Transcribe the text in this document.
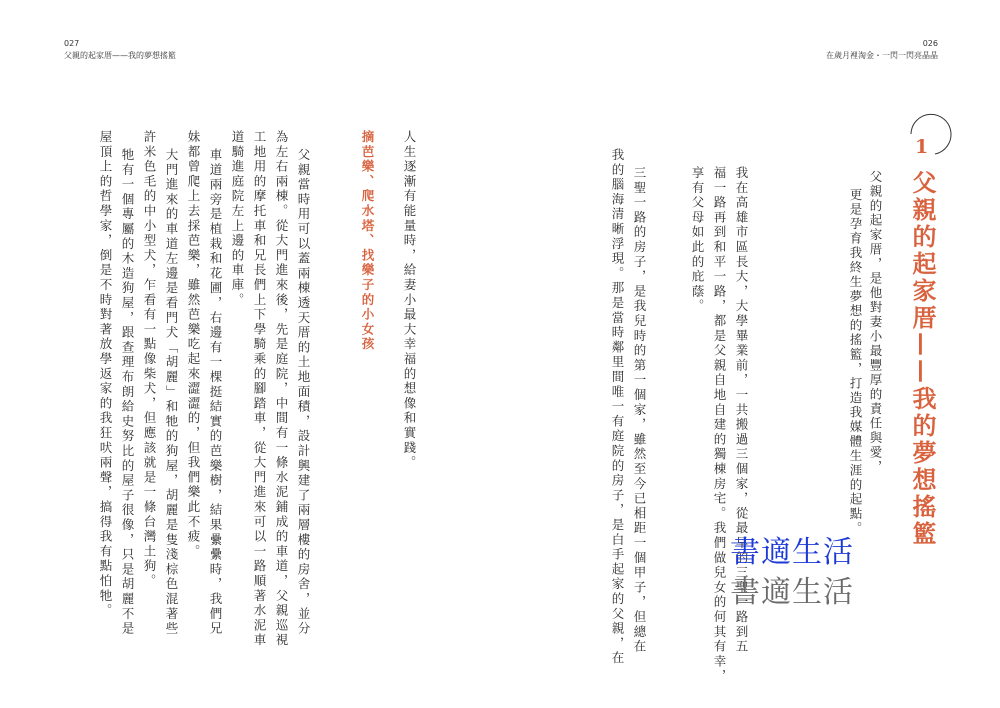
027
父親的起家厝——我的夢想搖籃
026
在歲月裡淘金・一閃一閃亮晶晶
1
父親的起家厝——我的夢想搖籃
父親的起家厝，是他對妻小最豐厚的責任與愛，
更是孕育我終生夢想的搖籃，打造我媒體生涯的起點。

我在高雄市區長大，大學畢業前，一共搬過三個家，從最早的三聖一路到五

福一路再到和平一路，都是父親自地自建的獨棟房宅。我們做兒女的何其有幸，

享有父母如此的庇蔭。

三聖一路的房子，是我兒時的第一個家，雖然至今已相距一個甲子，但總在

我的腦海清晰浮現。那是當時鄰里間唯一有庭院的房子，是白手起家的父親，在

人生逐漸有能量時，給妻小最大幸福的想像和實踐。

摘芭樂、爬水塔、找樂子的小女孩

父親當時用可以蓋兩棟透天厝的土地面積，設計興建了兩層樓的房舍，並分

為左右兩棟。從大門進來後，先是庭院，中間有一條水泥鋪成的車道，父親巡視

工地用的摩托車和兄長們上下學騎乘的腳踏車，從大門進來可以一路順著水泥車

道騎進庭院左上邊的車庫。

車道兩旁是植栽和花圃，右邊有一棵挺結實的芭樂樹，結果纍纍時，我們兄

妹都曾爬上去採芭樂，雖然芭樂吃起來澀澀的，但我們樂此不疲。

大門進來的車道左邊是看門犬「胡麗」和牠的狗屋，胡麗是隻淺棕色混著些

許米色毛的中小型犬，乍看有一點像柴犬，但應該就是一條台灣土狗。

牠有一個專屬的木造狗屋，跟查理布朗給史努比的屋子很像，只是胡麗不是

屋頂上的哲學家，倒是不時對著放學返家的我狂吠兩聲，搞得我有點怕牠。	書適生活
書適生活
